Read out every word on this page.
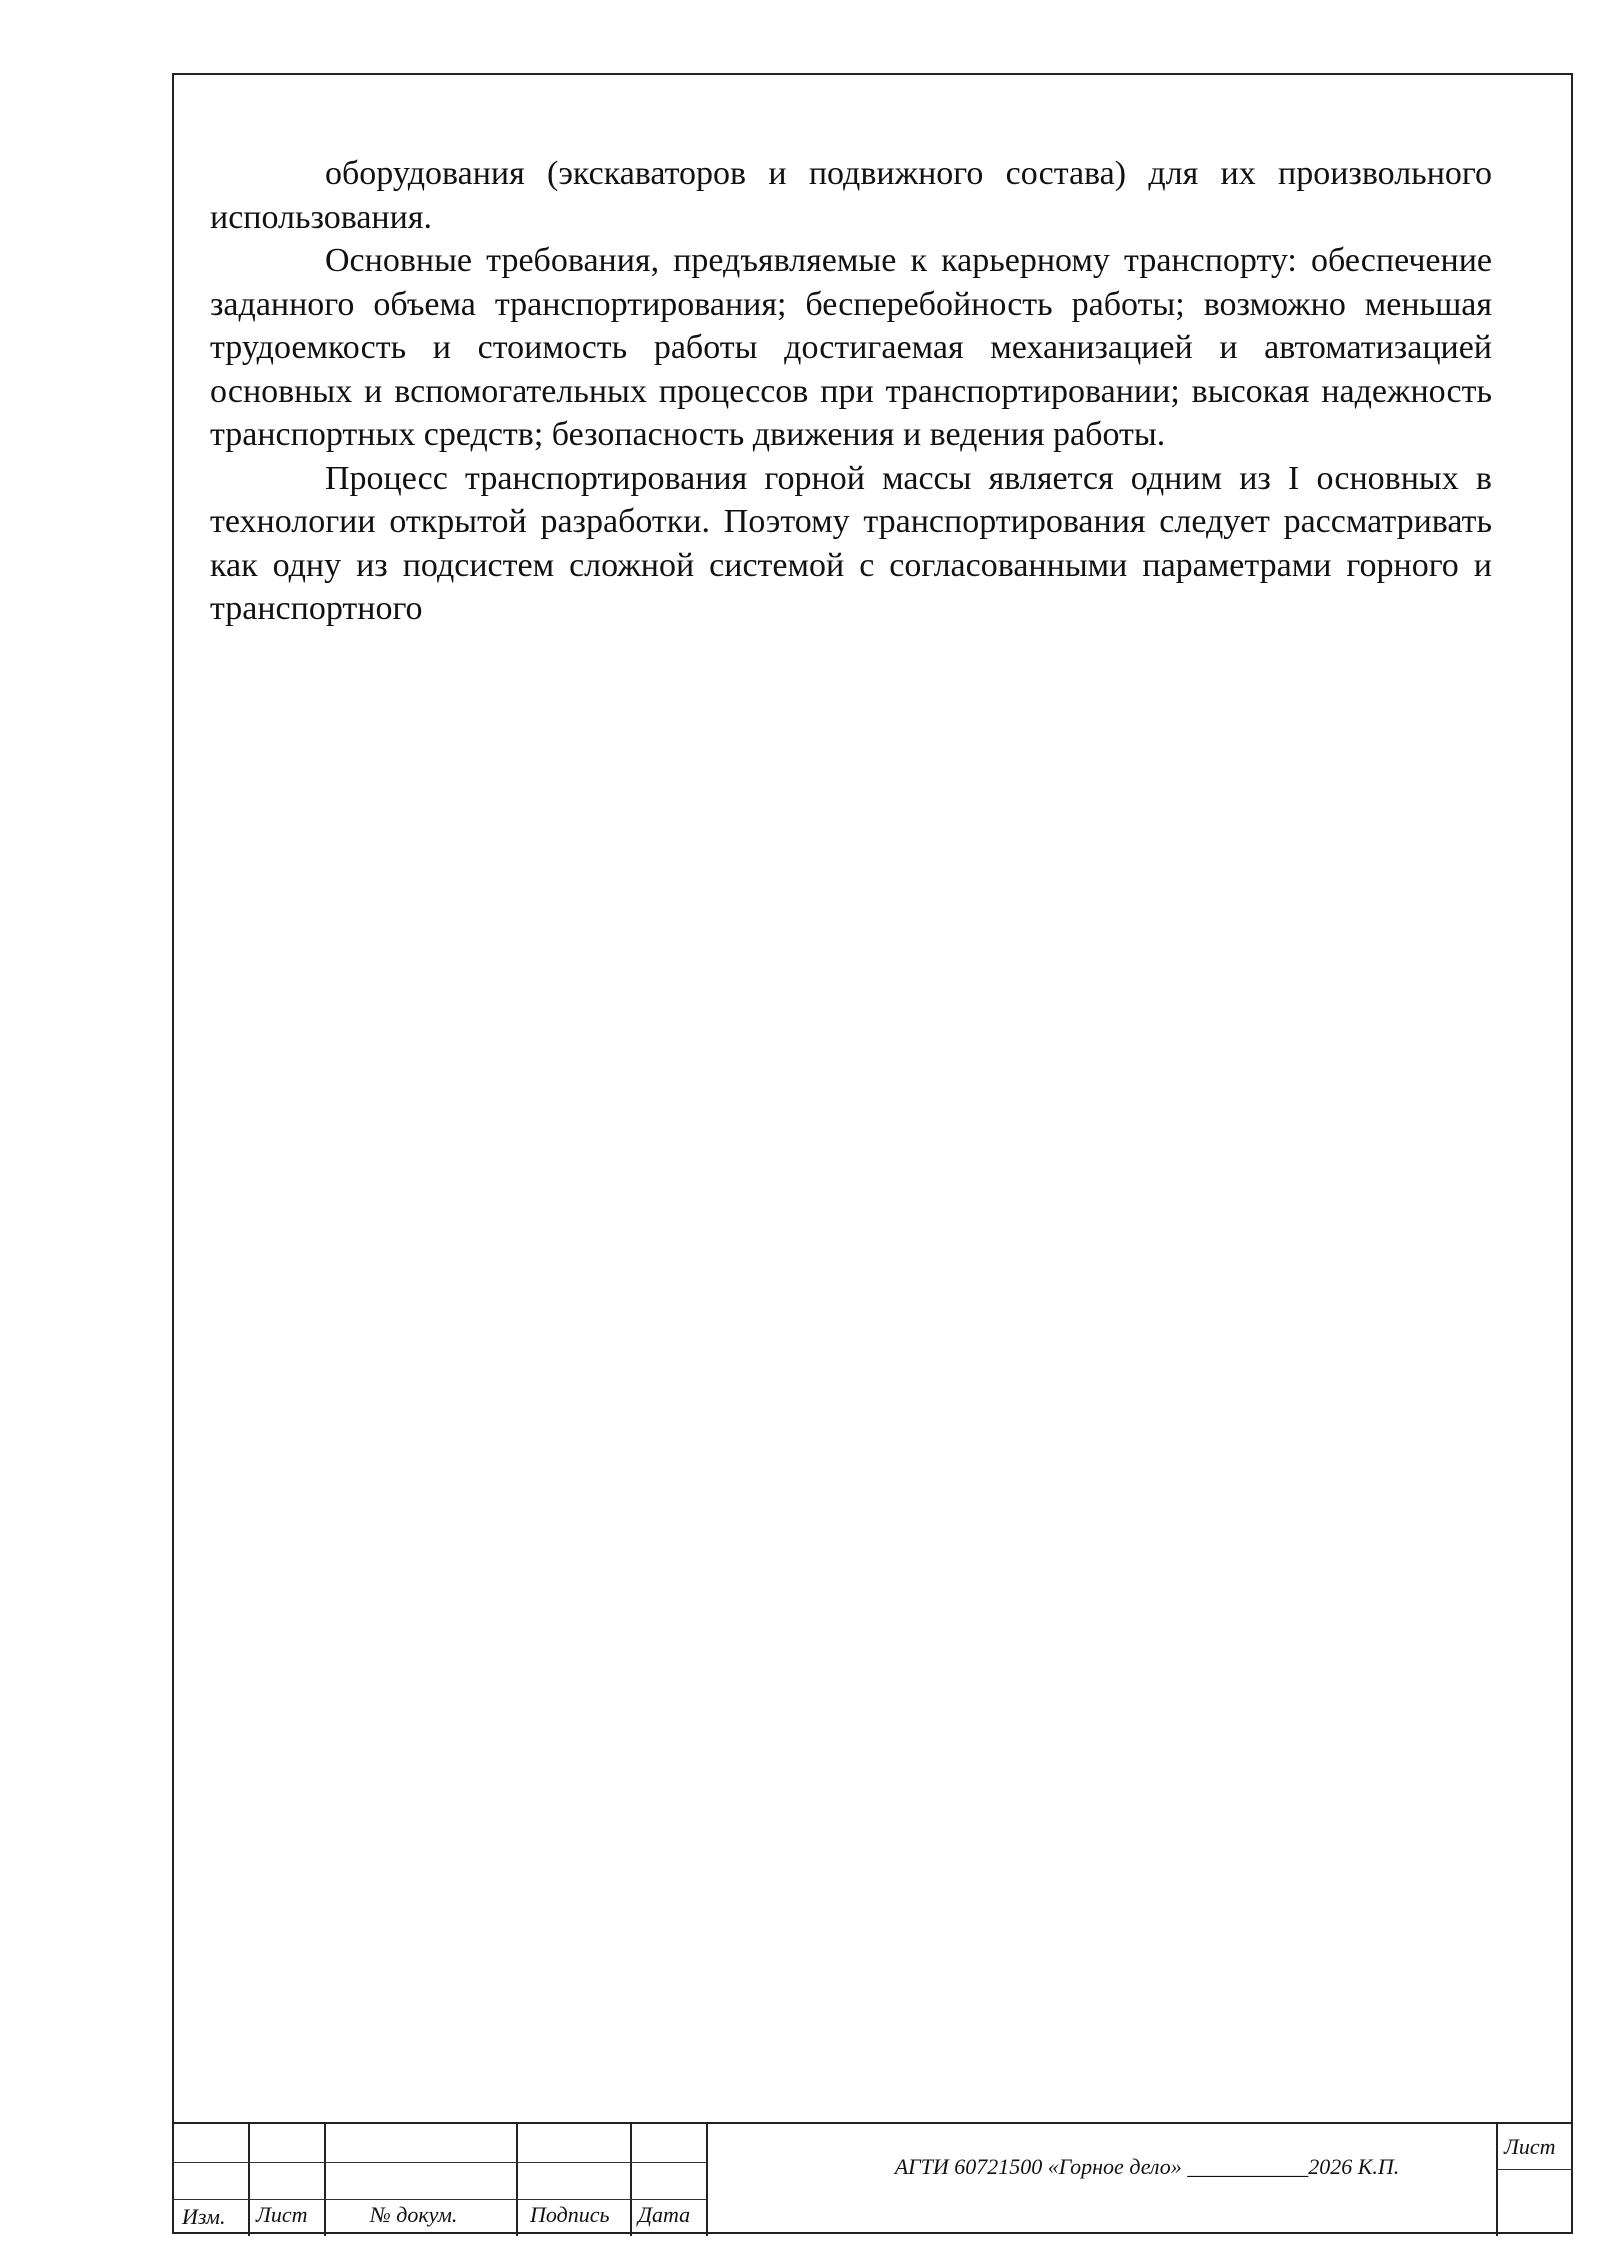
оборудования (экскаваторов и подвижного состава) для их произвольного использования.

Основные требования, предъявляемые к карьерному транспорту: обеспечение заданного объема транспортирования; бесперебойность работы; возможно меньшая трудоемкость и стоимость работы достигаемая механизацией и автоматизацией основных и вспомогательных процессов при транспортировании; высокая надежность транспортных средств; безопасность движения и ведения работы.

Процесс транспортирования горной массы является одним из I основных в технологии открытой разработки. Поэтому транспортирования следует рассматривать как одну из подсистем сложной системой с согласованными параметрами горного и транспортного

Изм. Лист	№ докум.	Подпись Дата
АГТИ 60721500 «Горное дело» ___________2026 К.П.
Лист
